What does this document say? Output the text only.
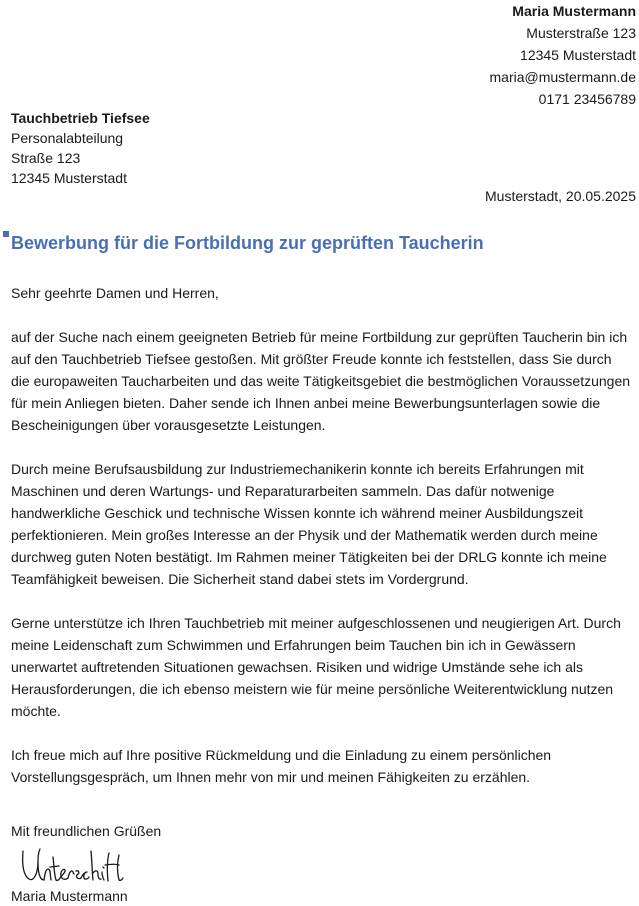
Maria Mustermann
Musterstraße 123
12345 Musterstadt
maria@mustermann.de
0171 23456789
Tauchbetrieb Tiefsee
Personalabteilung
Straße 123
12345 Musterstadt
Musterstadt, 20.05.2025
Bewerbung für die Fortbildung zur geprüften Taucherin

Sehr geehrte Damen und Herren,

auf der Suche nach einem geeigneten Betrieb für meine Fortbildung zur geprüften Taucherin bin ich auf den Tauchbetrieb Tiefsee gestoßen. Mit größter Freude konnte ich feststellen, dass Sie durch die europaweiten Taucharbeiten und das weite Tätigkeitsgebiet die bestmöglichen Voraussetzungen für mein Anliegen bieten. Daher sende ich Ihnen anbei meine Bewerbungsunterlagen sowie die Bescheinigungen über vorausgesetzte Leistungen.

Durch meine Berufsausbildung zur Industriemechanikerin konnte ich bereits Erfahrungen mit Maschinen und deren Wartungs- und Reparaturarbeiten sammeln. Das dafür notwenige handwerkliche Geschick und technische Wissen konnte ich während meiner Ausbildungszeit perfektionieren. Mein großes Interesse an der Physik und der Mathematik werden durch meine durchweg guten Noten bestätigt. Im Rahmen meiner Tätigkeiten bei der DRLG konnte ich meine Teamfähigkeit beweisen. Die Sicherheit stand dabei stets im Vordergrund.

Gerne unterstütze ich Ihren Tauchbetrieb mit meiner aufgeschlossenen und neugierigen Art. Durch meine Leidenschaft zum Schwimmen und Erfahrungen beim Tauchen bin ich in Gewässern unerwartet auftretenden Situationen gewachsen. Risiken und widrige Umstände sehe ich als Herausforderungen, die ich ebenso meistern wie für meine persönliche Weiterentwicklung nutzen möchte.

Ich freue mich auf Ihre positive Rückmeldung und die Einladung zu einem persönlichen Vorstellungsgespräch, um Ihnen mehr von mir und meinen Fähigkeiten zu erzählen.

Mit freundlichen Grüßen
Maria Mustermann
